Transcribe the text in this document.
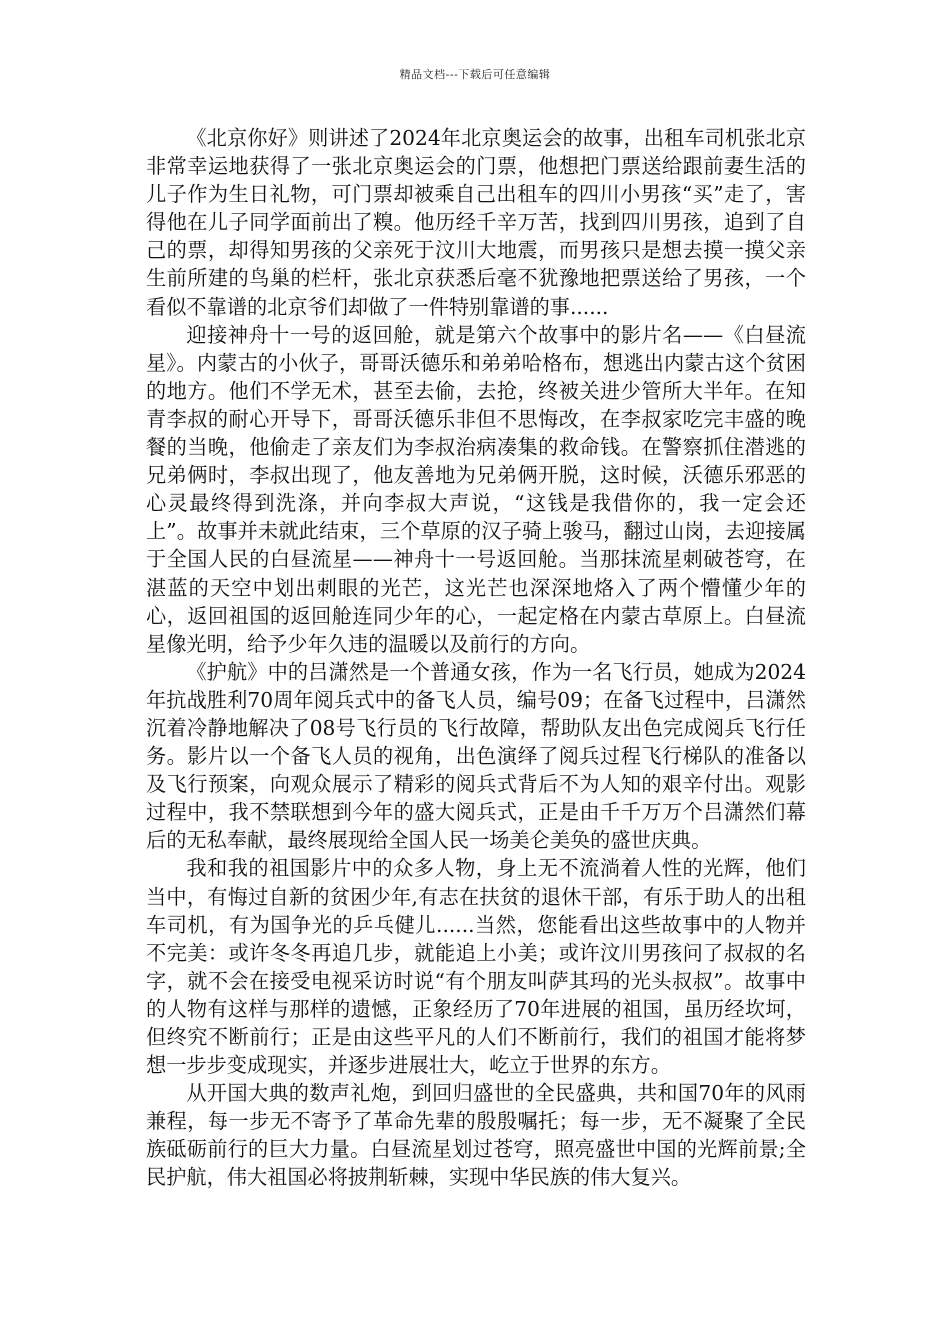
精品文档---下载后可任意编辑

《北京你好》则讲述了2024年北京奥运会的故事，出租车司机张北京非常幸运地获得了一张北京奥运会的门票，他想把门票送给跟前妻生活的儿子作为生日礼物，可门票却被乘自己出租车的四川小男孩“买”走了，害得他在儿子同学面前出了糗。他历经千辛万苦，找到四川男孩，追到了自己的票，却得知男孩的父亲死于汶川大地震，而男孩只是想去摸一摸父亲生前所建的鸟巢的栏杆，张北京获悉后毫不犹豫地把票送给了男孩，一个看似不靠谱的北京爷们却做了一件特别靠谱的事......

迎接神舟十一号的返回舱，就是第六个故事中的影片名——《白昼流星》。内蒙古的小伙子，哥哥沃德乐和弟弟哈格布，想逃出内蒙古这个贫困的地方。他们不学无术，甚至去偷，去抢，终被关进少管所大半年。在知青李叔的耐心开导下，哥哥沃德乐非但不思悔改，在李叔家吃完丰盛的晚餐的当晚，他偷走了亲友们为李叔治病凑集的救命钱。在警察抓住潜逃的兄弟俩时，李叔出现了，他友善地为兄弟俩开脱，这时候，沃德乐邪恶的心灵最终得到洗涤，并向李叔大声说，“这钱是我借你的，我一定会还上”。故事并未就此结束，三个草原的汉子骑上骏马，翻过山岗，去迎接属于全国人民的白昼流星——神舟十一号返回舱。当那抹流星刺破苍穹，在湛蓝的天空中划出刺眼的光芒，这光芒也深深地烙入了两个懵懂少年的心，返回祖国的返回舱连同少年的心，一起定格在内蒙古草原上。白昼流星像光明，给予少年久违的温暖以及前行的方向。

《护航》中的吕潇然是一个普通女孩，作为一名飞行员，她成为2024年抗战胜利70周年阅兵式中的备飞人员，编号09；在备飞过程中，吕潇然沉着冷静地解决了08号飞行员的飞行故障，帮助队友出色完成阅兵飞行任务。影片以一个备飞人员的视角，出色演绎了阅兵过程飞行梯队的准备以及飞行预案，向观众展示了精彩的阅兵式背后不为人知的艰辛付出。观影过程中，我不禁联想到今年的盛大阅兵式，正是由千千万万个吕潇然们幕后的无私奉献，最终展现给全国人民一场美仑美奂的盛世庆典。

我和我的祖国影片中的众多人物，身上无不流淌着人性的光辉，他们当中，有悔过自新的贫困少年,有志在扶贫的退休干部，有乐于助人的出租车司机，有为国争光的乒乓健儿......当然，您能看出这些故事中的人物并不完美：或许冬冬再追几步，就能追上小美；或许汶川男孩问了叔叔的名字，就不会在接受电视采访时说“有个朋友叫萨其玛的光头叔叔”。故事中的人物有这样与那样的遗憾，正象经历了70年进展的祖国，虽历经坎坷，但终究不断前行；正是由这些平凡的人们不断前行，我们的祖国才能将梦想一步步变成现实，并逐步进展壮大，屹立于世界的东方。

从开国大典的数声礼炮，到回归盛世的全民盛典，共和国70年的风雨兼程，每一步无不寄予了革命先辈的殷殷嘱托；每一步，无不凝聚了全民族砥砺前行的巨大力量。白昼流星划过苍穹，照亮盛世中国的光辉前景;全民护航，伟大祖国必将披荆斩棘，实现中华民族的伟大复兴。
